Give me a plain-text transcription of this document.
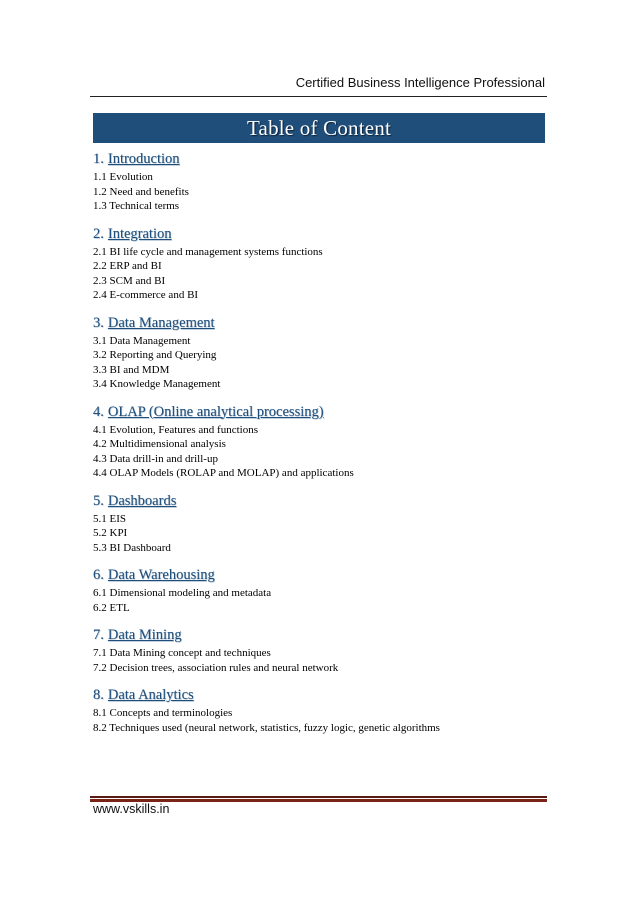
Certified Business Intelligence Professional
Table of Content
1. Introduction
1.1 Evolution
1.2 Need and benefits
1.3 Technical terms
2. Integration
2.1 BI life cycle and management systems functions
2.2 ERP and BI
2.3 SCM and BI
2.4 E-commerce and BI
3. Data Management
3.1 Data Management
3.2 Reporting and Querying
3.3 BI and MDM
3.4 Knowledge Management
4. OLAP (Online analytical processing)
4.1 Evolution, Features and functions
4.2 Multidimensional analysis
4.3 Data drill-in and drill-up
4.4 OLAP Models (ROLAP and MOLAP) and applications
5. Dashboards
5.1 EIS
5.2 KPI
5.3 BI Dashboard
6. Data Warehousing
6.1 Dimensional modeling and metadata
6.2 ETL
7. Data Mining
7.1 Data Mining concept and techniques
7.2 Decision trees, association rules and neural network
8. Data Analytics
8.1 Concepts and terminologies
8.2 Techniques used (neural network, statistics, fuzzy logic, genetic algorithms
www.vskills.in
